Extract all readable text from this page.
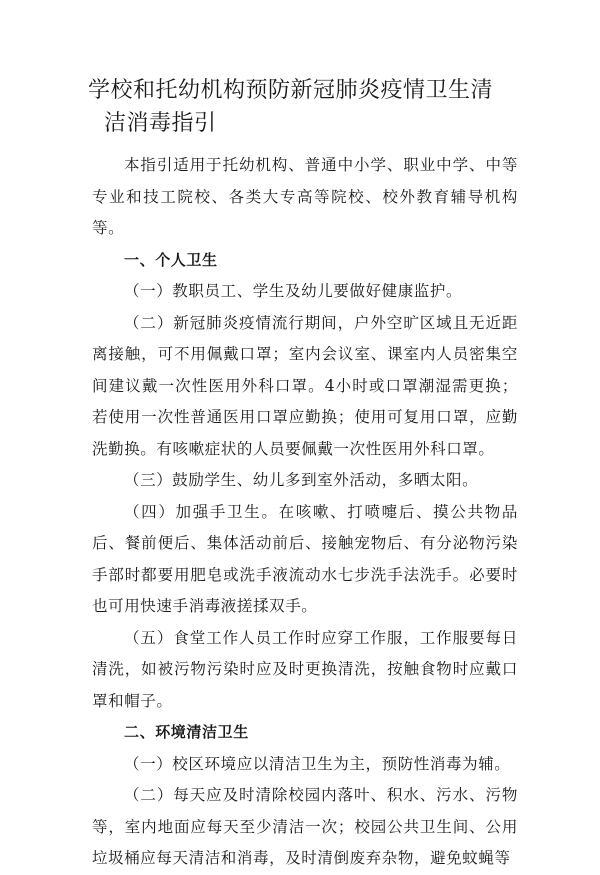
学校和托幼机构预防新冠肺炎疫情卫生清
洁消毒指引

本指引适用于托幼机构、普通中小学、职业中学、中等专业和技工院校、各类大专高等院校、校外教育辅导机构等。

一、个人卫生

（一）教职员工、学生及幼儿要做好健康监护。

（二）新冠肺炎疫情流行期间，户外空旷区域且无近距离接触，可不用佩戴口罩；室内会议室、课室内人员密集空间建议戴一次性医用外科口罩。4小时或口罩潮湿需更换；若使用一次性普通医用口罩应勤换；使用可复用口罩，应勤洗勤换。有咳嗽症状的人员要佩戴一次性医用外科口罩。

（三）鼓励学生、幼儿多到室外活动，多晒太阳。

（四）加强手卫生。在咳嗽、打喷嚏后、摸公共物品后、餐前便后、集体活动前后、接触宠物后、有分泌物污染手部时都要用肥皂或洗手液流动水七步洗手法洗手。必要时也可用快速手消毒液搓揉双手。

（五）食堂工作人员工作时应穿工作服，工作服要每日清洗，如被污物污染时应及时更换清洗，按触食物时应戴口罩和帽子。

二、环境清洁卫生

（一）校区环境应以清洁卫生为主，预防性消毒为辅。

（二）每天应及时清除校园内落叶、积水、污水、污物等，室内地面应每天至少清洁一次；校园公共卫生间、公用垃圾桶应每天清洁和消毒，及时清倒废弃杂物，避免蚊蝇等
